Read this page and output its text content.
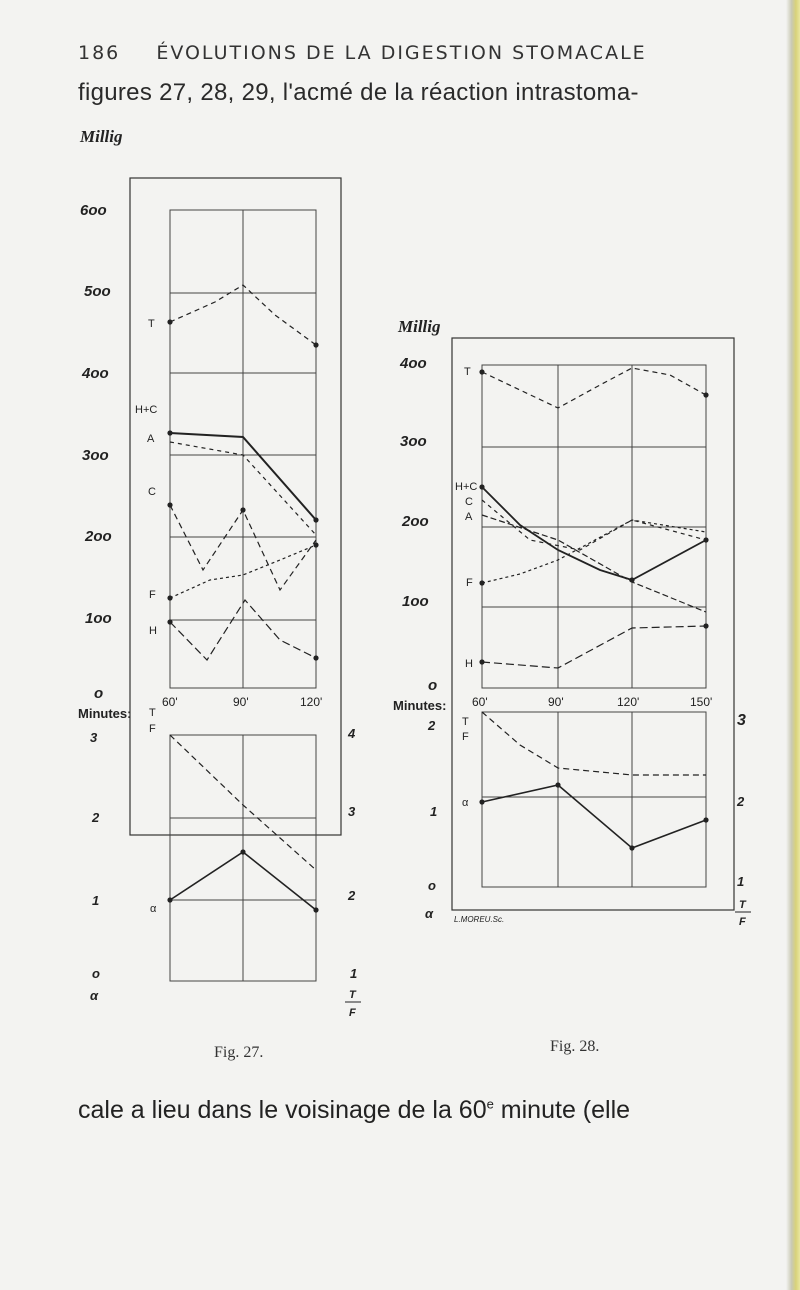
186 ÉVOLUTIONS DE LA DIGESTION STOMACALE
figures 27, 28, 29, l'acmé de la réaction intrastoma-
Millig
6oo
5oo
4oo
3oo
2oo
1oo
o
Minutes:
T
H+C
A
C
F
H
60'	90'	120'
T
F
α
3
2
1
o
α
4
3
2
1
T
F
Millig
4oo
3oo
2oo
1oo
o
Minutes:
T
H+C
C
A
F
H
60'	90'	120'	150'
T
F
α
2
1
o
α
3
2
1
T
F
L.MOREU.Sc.
Fig. 27.	Fig. 28.
cale a lieu dans le voisinage de la 60e minute (elle
